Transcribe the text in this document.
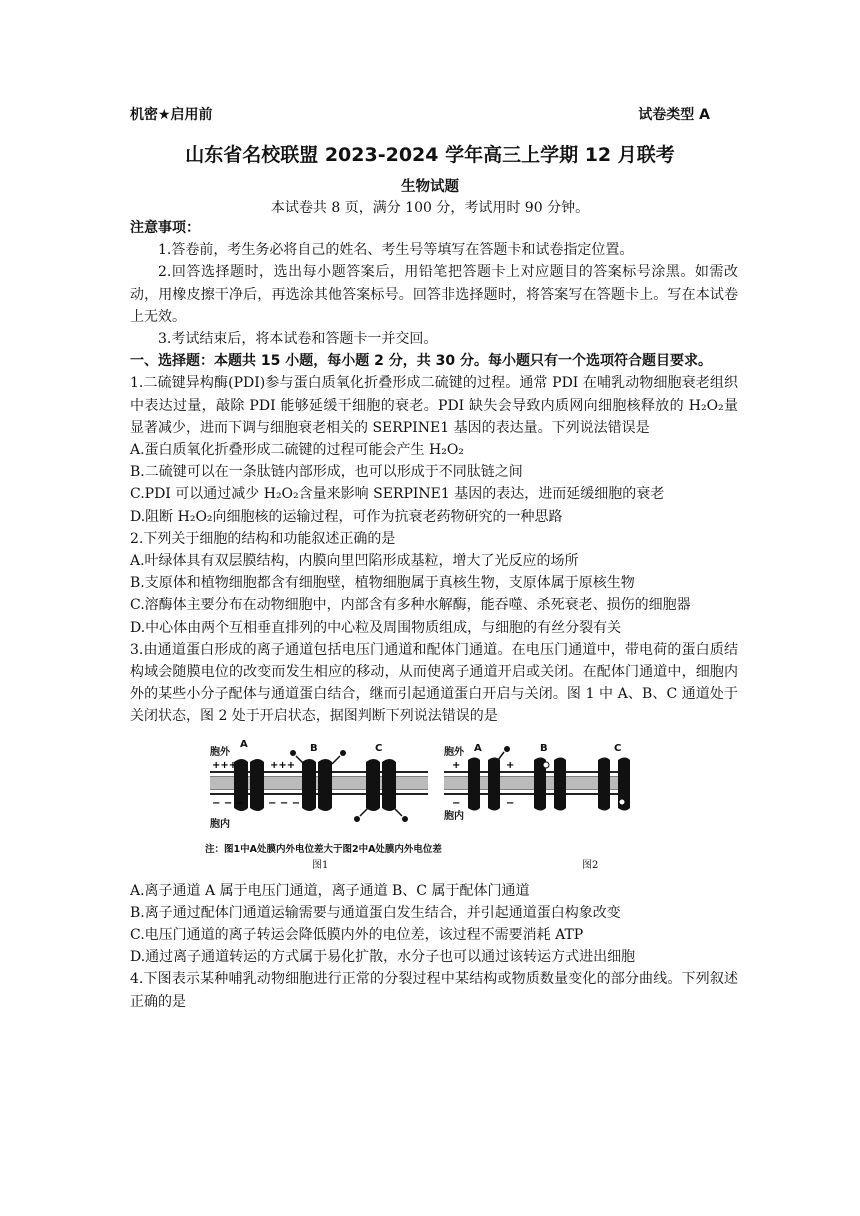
机密★启用前	试卷类型 A
山东省名校联盟 2023-2024 学年高三上学期 12 月联考
生物试题
本试卷共 8 页，满分 100 分，考试用时 90 分钟。

注意事项：

1.答卷前，考生务必将自己的姓名、考生号等填写在答题卡和试卷指定位置。

2.回答选择题时，选出每小题答案后，用铅笔把答题卡上对应题目的答案标号涂黑。如需改动，用橡皮擦干净后，再选涂其他答案标号。回答非选择题时，将答案写在答题卡上。写在本试卷上无效。

3.考试结束后，将本试卷和答题卡一并交回。

一、选择题：本题共 15 小题，每小题 2 分，共 30 分。每小题只有一个选项符合题目要求。

1.二硫键异构酶(PDI)参与蛋白质氧化折叠形成二硫键的过程。通常 PDI 在哺乳动物细胞衰老组织中表达过量，敲除 PDI 能够延缓干细胞的衰老。PDI 缺失会导致内质网向细胞核释放的 H₂O₂量显著减少，进而下调与细胞衰老相关的 SERPINE1 基因的表达量。下列说法错误是

A.蛋白质氧化折叠形成二硫键的过程可能会产生 H₂O₂

B.二硫键可以在一条肽链内部形成，也可以形成于不同肽链之间

C.PDI 可以通过减少 H₂O₂含量来影响 SERPINE1 基因的表达，进而延缓细胞的衰老

D.阻断 H₂O₂向细胞核的运输过程，可作为抗衰老药物研究的一种思路

2.下列关于细胞的结构和功能叙述正确的是

A.叶绿体具有双层膜结构，内膜向里凹陷形成基粒，增大了光反应的场所

B.支原体和植物细胞都含有细胞壁，植物细胞属于真核生物，支原体属于原核生物

C.溶酶体主要分布在动物细胞中，内部含有多种水解酶，能吞噬、杀死衰老、损伤的细胞器

D.中心体由两个互相垂直排列的中心粒及周围物质组成，与细胞的有丝分裂有关

3.由通道蛋白形成的离子通道包括电压门通道和配体门通道。在电压门通道中，带电荷的蛋白质结构域会随膜电位的改变而发生相应的移动，从而使离子通道开启或关闭。在配体门通道中，细胞内外的某些小分子配体与通道蛋白结合，继而引起通道蛋白开启与关闭。图 1 中 A、B、C 通道处于关闭状态，图 2 处于开启状态，据图判断下列说法错误的是

+++	+++
− − − − − −
+	+
−	−
胞外
胞内
A	B	C	胞外
胞内
A	B	C
注：图1中A处膜内外电位差大于图2中A处膜内外电位差
图1	图2

A.离子通道 A 属于电压门通道，离子通道 B、C 属于配体门通道

B.离子通过配体门通道运输需要与通道蛋白发生结合，并引起通道蛋白构象改变

C.电压门通道的离子转运会降低膜内外的电位差，该过程不需要消耗 ATP

D.通过离子通道转运的方式属于易化扩散，水分子也可以通过该转运方式进出细胞

4.下图表示某种哺乳动物细胞进行正常的分裂过程中某结构或物质数量变化的部分曲线。下列叙述正确的是
